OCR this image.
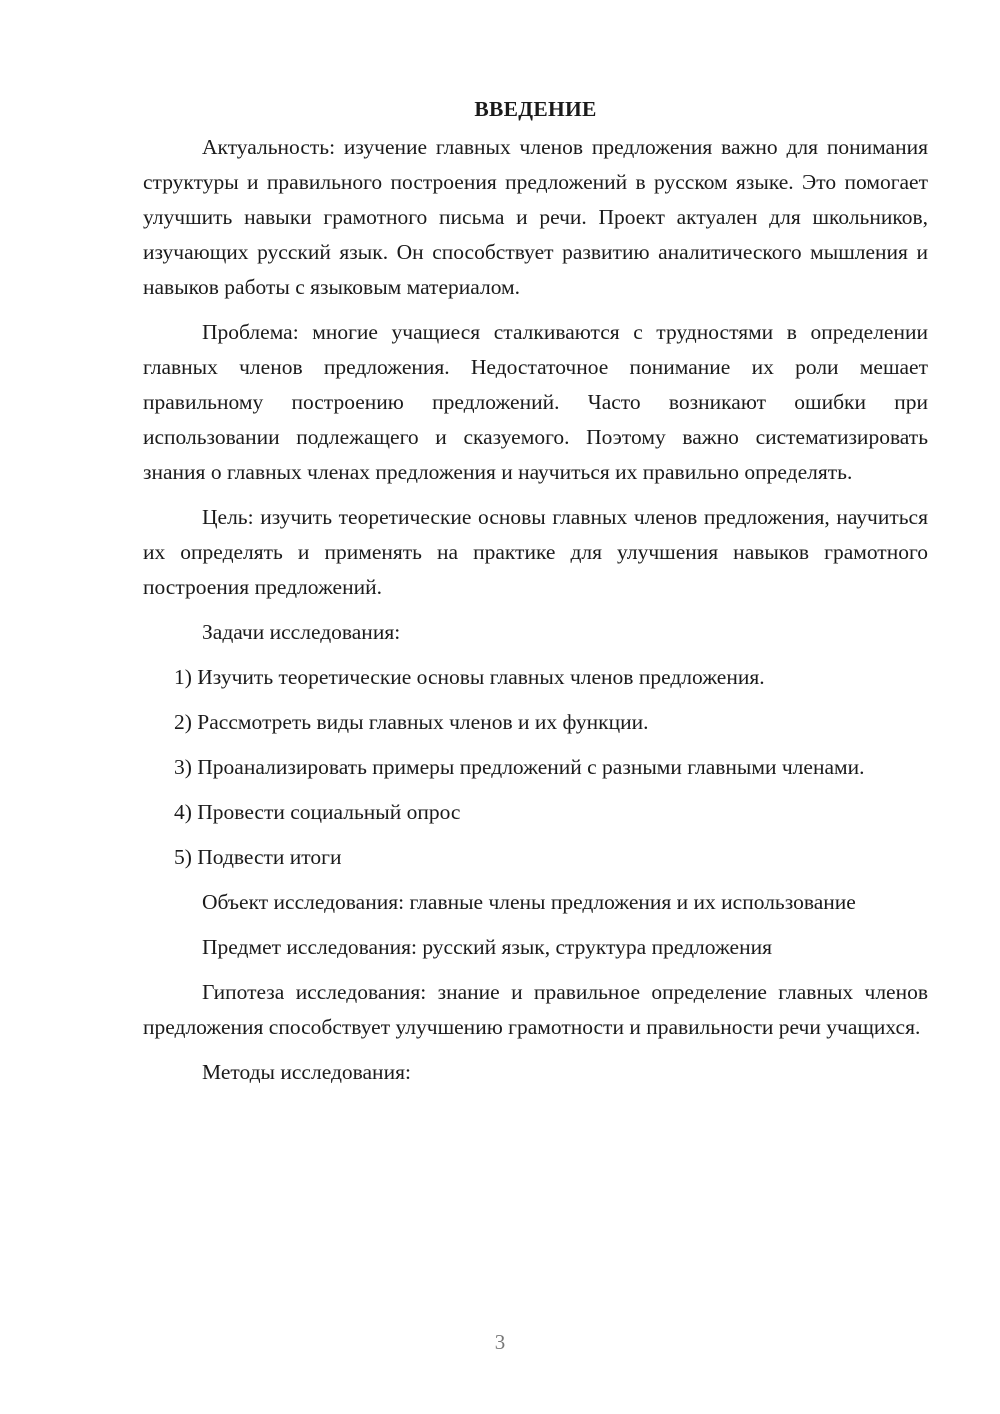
ВВЕДЕНИЕ

Актуальность: изучение главных членов предложения важно для понимания структуры и правильного построения предложений в русском языке. Это помогает улучшить навыки грамотного письма и речи. Проект актуален для школьников, изучающих русский язык. Он способствует развитию аналитического мышления и навыков работы с языковым материалом.

Проблема: многие учащиеся сталкиваются с трудностями в определении главных членов предложения. Недостаточное понимание их роли мешает правильному построению предложений. Часто возникают ошибки при использовании подлежащего и сказуемого. Поэтому важно систематизировать знания о главных членах предложения и научиться их правильно определять.

Цель: изучить теоретические основы главных членов предложения, научиться их определять и применять на практике для улучшения навыков грамотного построения предложений.

Задачи исследования:

1) Изучить теоретические основы главных членов предложения.

2) Рассмотреть виды главных членов и их функции.

3) Проанализировать примеры предложений с разными главными членами.

4) Провести социальный опрос

5) Подвести итоги

Объект исследования: главные члены предложения и их использование

Предмет исследования: русский язык, структура предложения

Гипотеза исследования: знание и правильное определение главных членов предложения способствует улучшению грамотности и правильности речи учащихся.

Методы исследования:

3
